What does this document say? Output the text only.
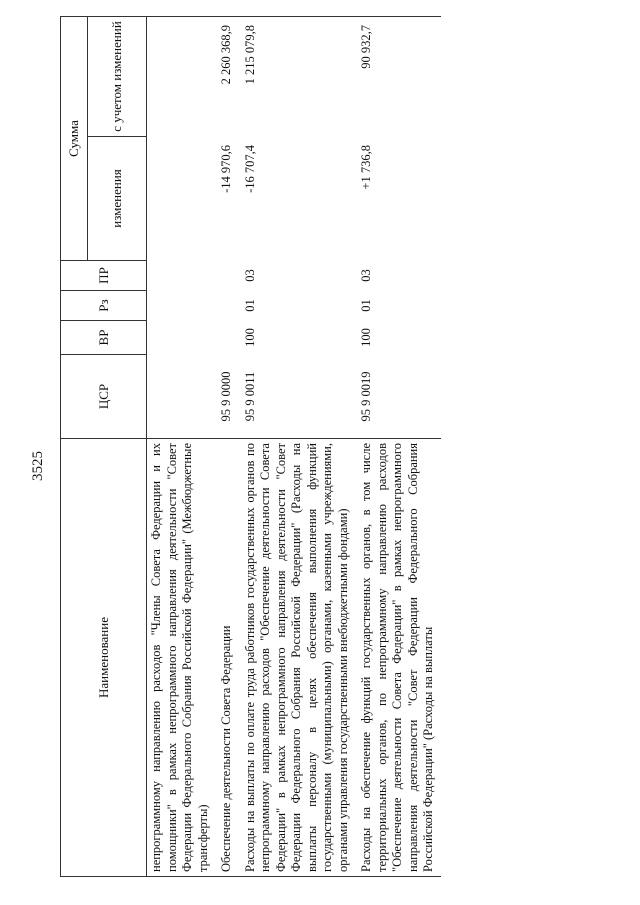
3525
Наименование	ЦСР	ВР	Рз	ПР	Сумма	
					изменения	с учетом изменений
непрограммному направлению расходов "Члены Совета Федерации и их помощники" в рамках непрограммного направления деятельности "Совет Федерации Федерального Собрания Российской Федерации" (Межбюджетные трансферты)						
Обеспечение деятельности Совета Федерации	95 9 0000				-14 970,6	2 260 368,9
Расходы на выплаты по оплате труда работников государственных органов по непрограммному направлению расходов "Обеспечение деятельности Совета Федерации" в рамках непрограммного направления деятельности "Совет Федерации Федерального Собрания Российской Федерации" (Расходы на выплаты персоналу в целях обеспечения выполнения функций государственными (муниципальными) органами, казенными учреждениями, органами управления государственными внебюджетными фондами)	95 9 0011	100	01	03	-16 707,4	1 215 079,8
Расходы на обеспечение функций государственных органов, в том числе территориальных органов, по непрограммному направлению расходов "Обеспечение деятельности Совета Федерации" в рамках непрограммного направления деятельности "Совет Федерации Федерального Собрания Российской Федерации" (Расходы на выплаты	95 9 0019	100	01	03	+1 736,8	90 932,7
